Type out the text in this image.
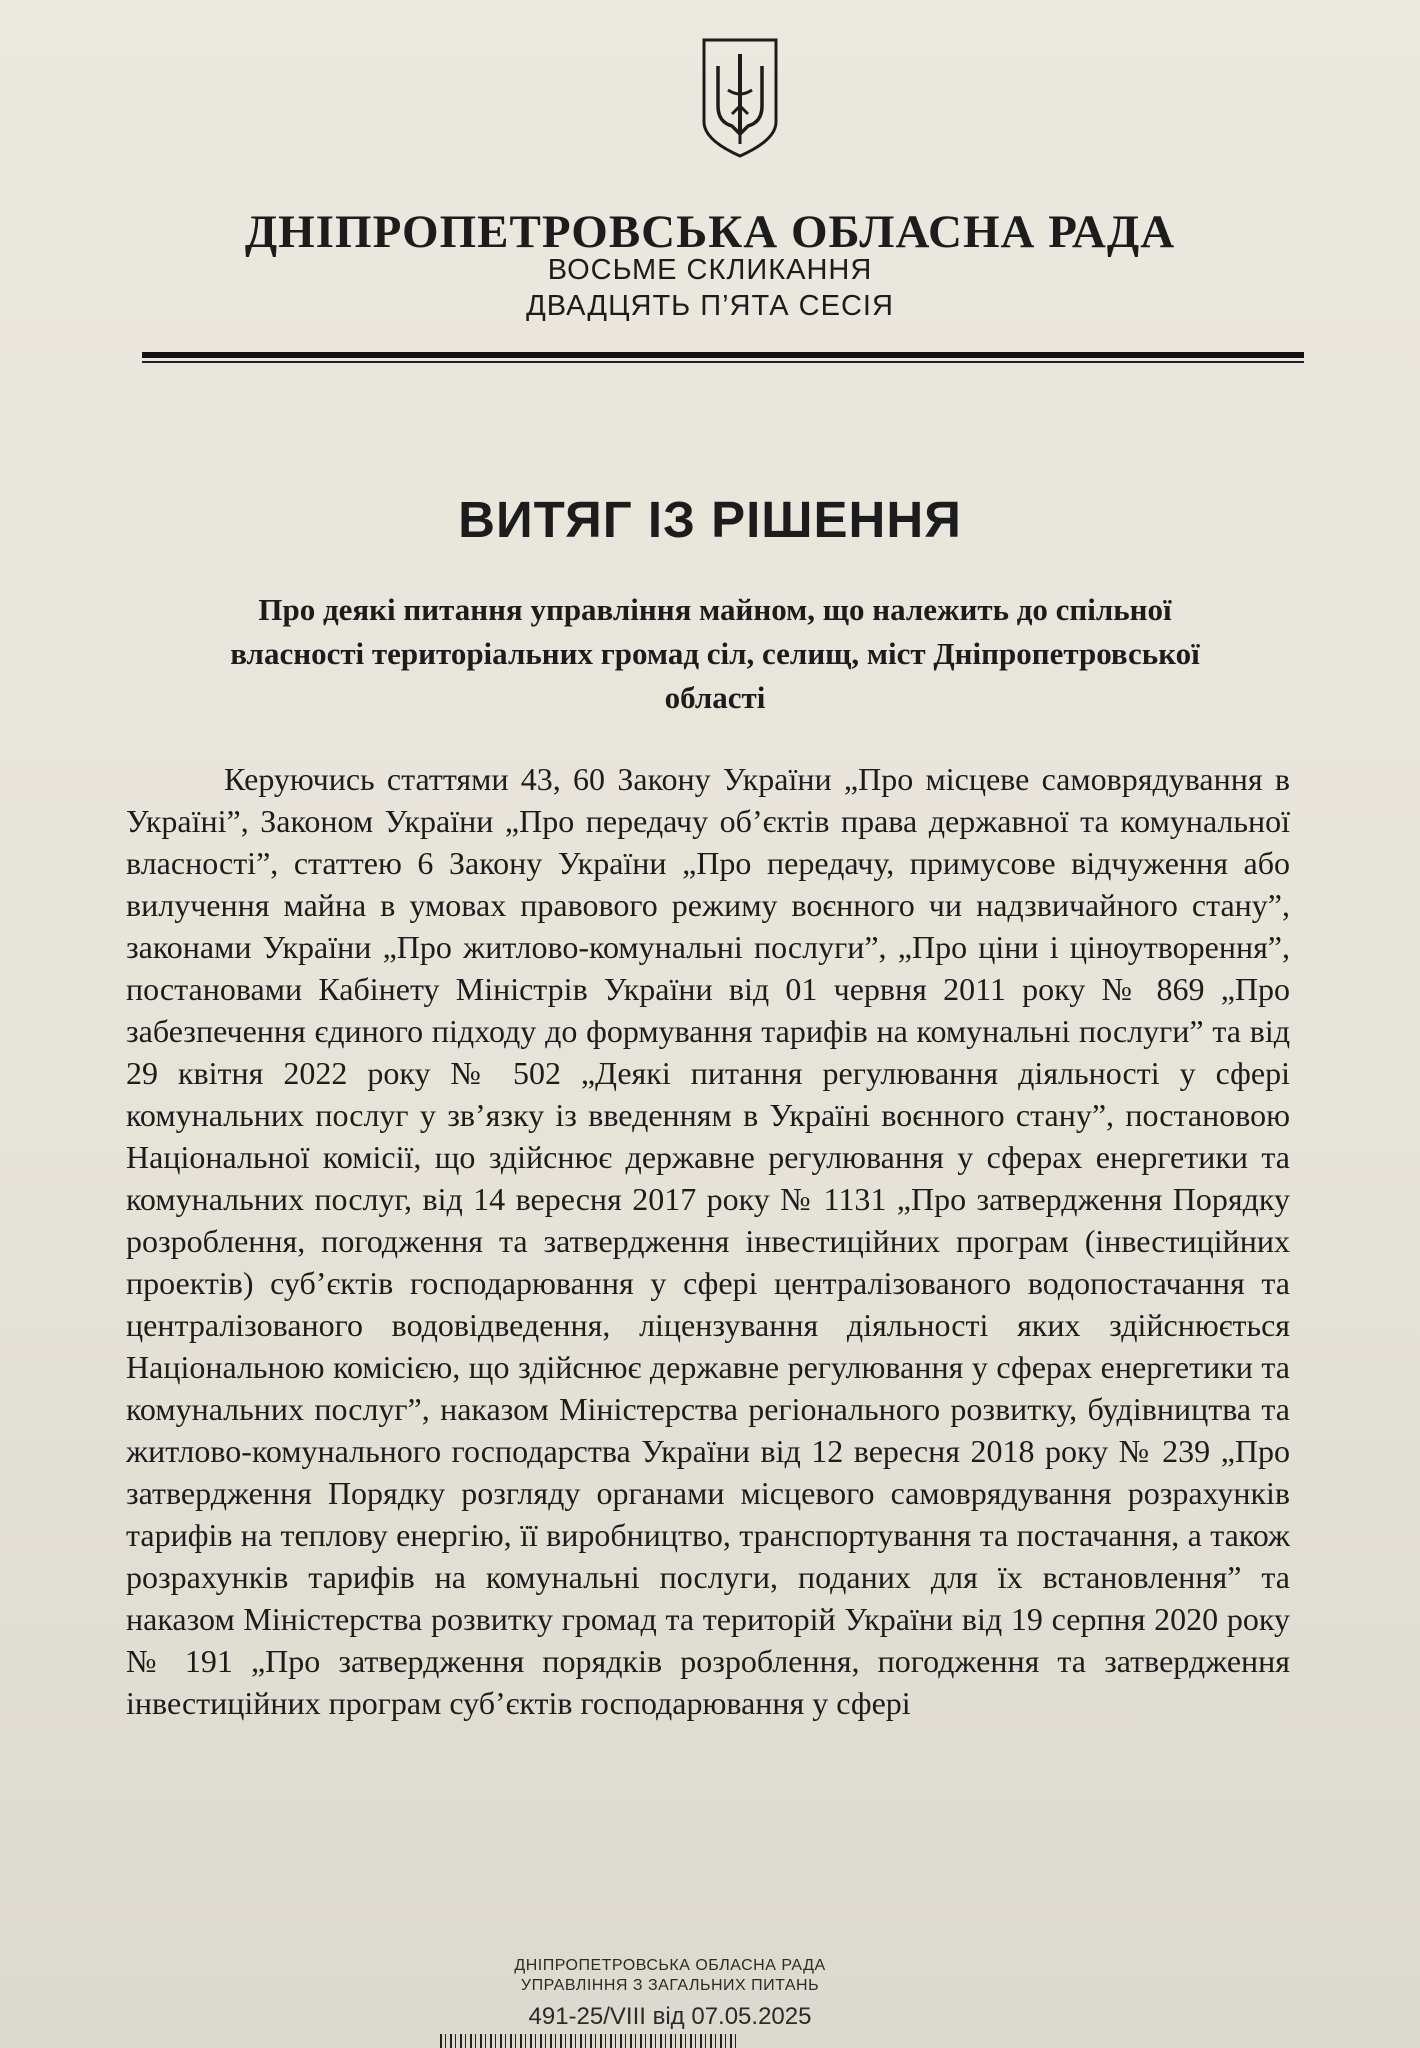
ДНІПРОПЕТРОВСЬКА ОБЛАСНА РАДА
ВОСЬМЕ СКЛИКАННЯ
ДВАДЦЯТЬ П’ЯТА СЕСІЯ
ВИТЯГ ІЗ РІШЕННЯ
Про деякі питання управління майном, що належить до спільної власності територіальних громад сіл, селищ, міст Дніпропетровської області

Керуючись статтями 43, 60 Закону України „Про місцеве самоврядування в Україні”, Законом України „Про передачу об’єктів права державної та комунальної власності”, статтею 6 Закону України „Про передачу, примусове відчуження або вилучення майна в умовах правового режиму воєнного чи надзвичайного стану”, законами України „Про житлово-комунальні послуги”, „Про ціни і ціноутворення”, постановами Кабінету Міністрів України від 01 червня 2011 року № 869 „Про забезпечення єдиного підходу до формування тарифів на комунальні послуги” та від 29 квітня 2022 року № 502 „Деякі питання регулювання діяльності у сфері комунальних послуг у зв’язку із введенням в Україні воєнного стану”, постановою Національної комісії, що здійснює державне регулювання у сферах енергетики та комунальних послуг, від 14 вересня 2017 року № 1131 „Про затвердження Порядку розроблення, погодження та затвердження інвестиційних програм (інвестиційних проектів) суб’єктів господарювання у сфері централізованого водопостачання та централізованого водовідведення, ліцензування діяльності яких здійснюється Національною комісією, що здійснює державне регулювання у сферах енергетики та комунальних послуг”, наказом Міністерства регіонального розвитку, будівництва та житлово-комунального господарства України від 12 вересня 2018 року № 239 „Про затвердження Порядку розгляду органами місцевого самоврядування розрахунків тарифів на теплову енергію, її виробництво, транспортування та постачання, а також розрахунків тарифів на комунальні послуги, поданих для їх встановлення” та наказом Міністерства розвитку громад та територій України від 19 серпня 2020 року № 191 „Про затвердження порядків розроблення, погодження та затвердження інвестиційних програм суб’єктів господарювання у сфері

ДНІПРОПЕТРОВСЬКА ОБЛАСНА РАДА
УПРАВЛІННЯ З ЗАГАЛЬНИХ ПИТАНЬ
491-25/VIII від 07.05.2025
